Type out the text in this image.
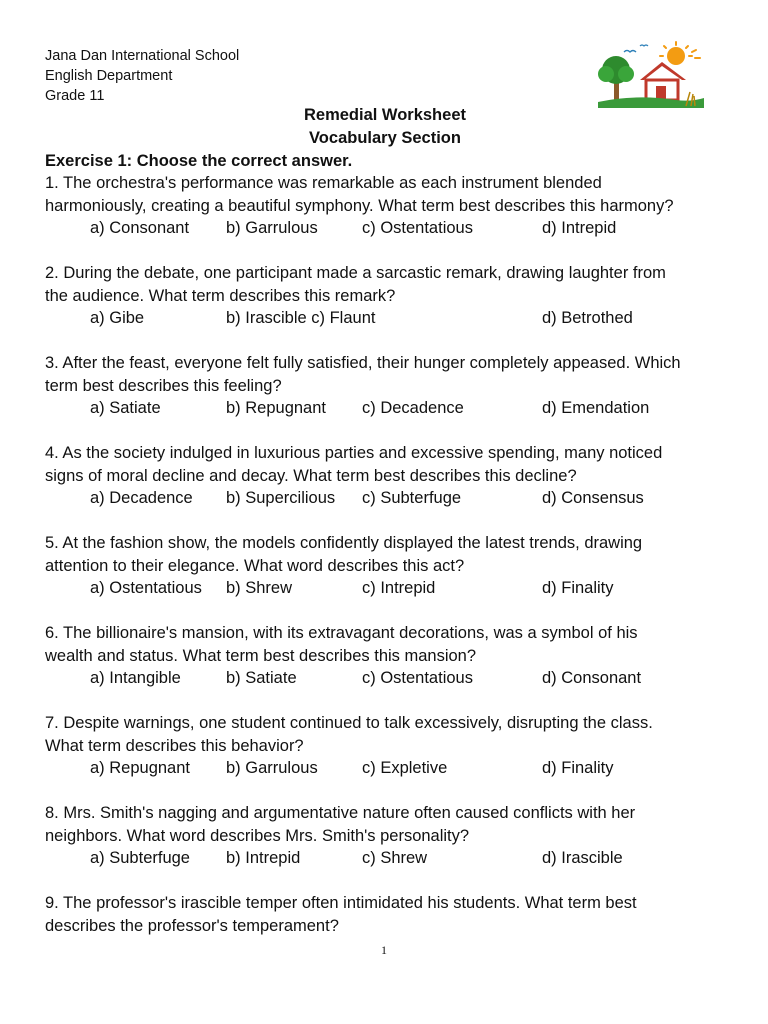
Jana Dan International School
English Department
Grade 11
Remedial Worksheet
Vocabulary Section
Exercise 1: Choose the correct answer.
1. The orchestra's performance was remarkable as each instrument blended
harmoniously, creating a beautiful symphony. What term best describes this harmony?
a) Consonant b) Garrulous	c) Ostentatious	d) Intrepid
2. During the debate, one participant made a sarcastic remark, drawing laughter from
the audience. What term describes this remark?
a) Gibe	b) Irascible c) Flaunt	d) Betrothed
3. After the feast, everyone felt fully satisfied, their hunger completely appeased. Which
term best describes this feeling?
a) Satiate	b) Repugnant c) Decadence	d) Emendation
4. As the society indulged in luxurious parties and excessive spending, many noticed
signs of moral decline and decay. What term best describes this decline?
a) Decadence b) Supercilious c) Subterfuge	d) Consensus
5. At the fashion show, the models confidently displayed the latest trends, drawing
attention to their elegance. What word describes this act?
a) Ostentatious b) Shrew	c) Intrepid	d) Finality
6. The billionaire's mansion, with its extravagant decorations, was a symbol of his
wealth and status. What term best describes this mansion?
a) Intangible	b) Satiate	c) Ostentatious	d) Consonant
7. Despite warnings, one student continued to talk excessively, disrupting the class.
What term describes this behavior?
a) Repugnant b) Garrulous	c) Expletive	d) Finality
8. Mrs. Smith's nagging and argumentative nature often caused conflicts with her
neighbors. What word describes Mrs. Smith's personality?
a) Subterfuge b) Intrepid	c) Shrew	d) Irascible
9. The professor's irascible temper often intimidated his students. What term best
describes the professor's temperament?
1
